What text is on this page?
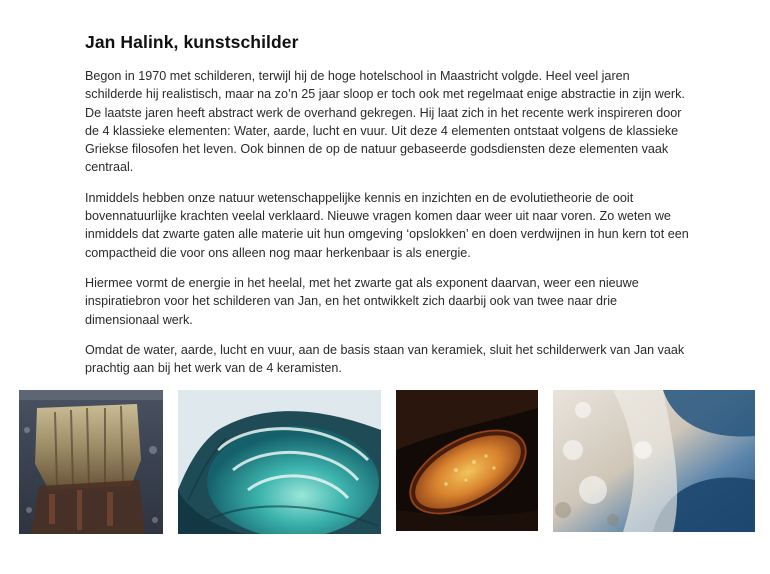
Jan Halink, kunstschilder

Begon in 1970 met schilderen, terwijl hij de hoge hotelschool in Maastricht volgde. Heel veel jaren schilderde hij realistisch, maar na zo’n 25 jaar sloop er toch ook met regelmaat enige abstractie in zijn werk. De laatste jaren heeft abstract werk de overhand gekregen. Hij laat zich in het recente werk inspireren door de 4 klassieke elementen: Water, aarde, lucht en vuur. Uit deze 4 elementen ontstaat volgens de klassieke Griekse filosofen het leven. Ook binnen de op de natuur gebaseerde godsdiensten deze elementen vaak centraal.

Inmiddels hebben onze natuur wetenschappelijke kennis en inzichten en de evolutietheorie de ooit bovennatuurlijke krachten veelal verklaard. Nieuwe vragen komen daar weer uit naar voren. Zo weten we inmiddels dat zwarte gaten alle materie uit hun omgeving ‘opslokken’ en doen verdwijnen in hun kern tot een compactheid die voor ons alleen nog maar herkenbaar is als energie.

Hiermee vormt de energie in het heelal, met het zwarte gat als exponent daarvan, weer een nieuwe inspiratiebron voor het schilderen van Jan, en het ontwikkelt zich daarbij ook van twee naar drie dimensionaal werk.

Omdat de water, aarde, lucht en vuur, aan de basis staan van keramiek, sluit het schilderwerk van Jan vaak prachtig aan bij het werk van de 4 keramisten.
